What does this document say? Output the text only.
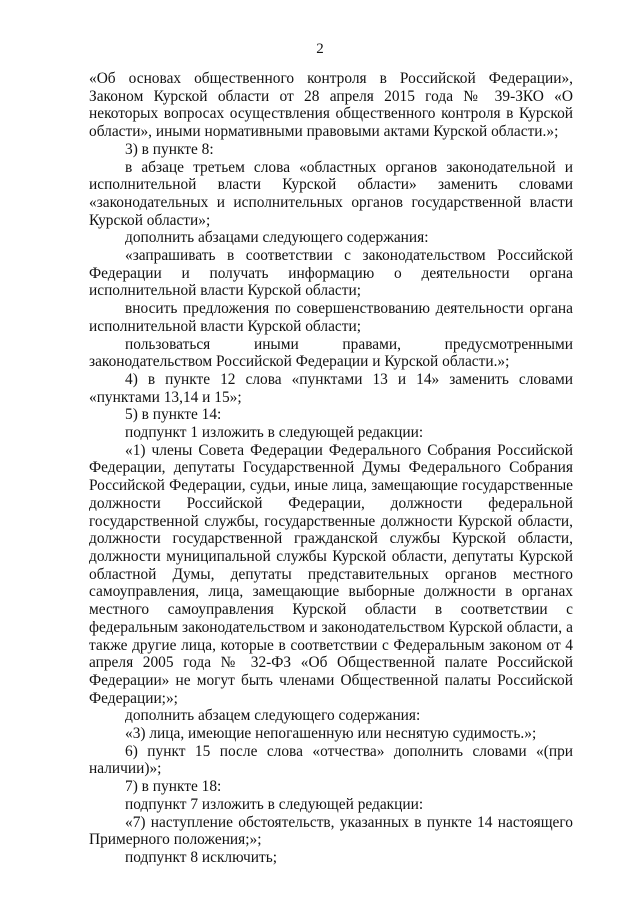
2

«Об основах общественного контроля в Российской Федерации», Законом Курской области от 28 апреля 2015 года № 39-ЗКО «О некоторых вопросах осуществления общественного контроля в Курской области», иными нормативными правовыми актами Курской области.»;

3) в пункте 8:

в абзаце третьем слова «областных органов законодательной и исполнительной власти Курской области» заменить словами «законодательных и исполнительных органов государственной власти Курской области»;

дополнить абзацами следующего содержания:

«запрашивать в соответствии с законодательством Российской Федерации и получать информацию о деятельности органа исполнительной власти Курской области;

вносить предложения по совершенствованию деятельности органа исполнительной власти Курской области;

пользоваться иными правами, предусмотренными законодательством Российской Федерации и Курской области.»;

4) в пункте 12 слова «пунктами 13 и 14» заменить словами «пунктами 13,14 и 15»;

5) в пункте 14:

подпункт 1 изложить в следующей редакции:

«1) члены Совета Федерации Федерального Собрания Российской Федерации, депутаты Государственной Думы Федерального Собрания Российской Федерации, судьи, иные лица, замещающие государственные должности Российской Федерации, должности федеральной государственной службы, государственные должности Курской области, должности государственной гражданской службы Курской области, должности муниципальной службы Курской области, депутаты Курской областной Думы, депутаты представительных органов местного самоуправления, лица, замещающие выборные должности в органах местного самоуправления Курской области в соответствии с федеральным законодательством и законодательством Курской области, а также другие лица, которые в соответствии с Федеральным законом от 4 апреля 2005 года № 32-ФЗ «Об Общественной палате Российской Федерации» не могут быть членами Общественной палаты Российской Федерации;»;

дополнить абзацем следующего содержания:

«3) лица, имеющие непогашенную или неснятую судимость.»;

6) пункт 15 после слова «отчества» дополнить словами «(при наличии)»;

7) в пункте 18:

подпункт 7 изложить в следующей редакции:

«7) наступление обстоятельств, указанных в пункте 14 настоящего Примерного положения;»;

подпункт 8 исключить;
